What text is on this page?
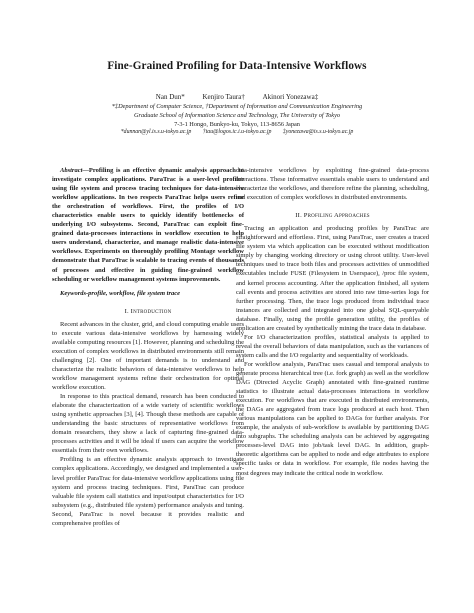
Fine-Grained Profiling for Data-Intensive Workflows
Nan Dun*	Kenjiro Taura†	Akinori Yonezawa‡
*‡Department of Computer Science, †Department of Information and Communication Engineering
Graduate School of Information Science and Technology, The University of Tokyo
7-3-1 Hongo, Bunkyo-ku, Tokyo, 113-8656 Japan
*dunnan@yl.is.s.u-tokyo.ac.jp †tau@logos.ic.i.u-tokyo.ac.jp ‡yonezawa@is.s.u-tokyo.ac.jp

Abstract—Profiling is an effective dynamic analysis approach to investigate complex applications. ParaTrac is a user-level profiler using file system and process tracing techniques for data-intensive workflow applications. In two respects ParaTrac helps users refine the orchestration of workflows. First, the profiles of I/O characteristics enable users to quickly identify bottlenecks of underlying I/O subsystems. Second, ParaTrac can exploit fine-grained data-processes interactions in workflow execution to help users understand, characterize, and manage realistic data-intensive workflows. Experiments on thoroughly profiling Montage workflow demonstrate that ParaTrac is scalable to tracing events of thousands of processes and effective in guiding fine-grained workflow scheduling or workflow management systems improvements.

Keywords-profile, workflow, file system trace

I. Introduction

Recent advances in the cluster, grid, and cloud computing enable users to execute various data-intensive workflows by harnessing widely available computing resources [1]. However, planning and scheduling the execution of complex workflows in distributed environments still remain challenging [2]. One of important demands is to understand and characterize the realistic behaviors of data-intensive workflows to help workflow management systems refine their orchestration for optimal workflow execution.

In response to this practical demand, research has been conducted to elaborate the characterization of a wide variety of scientific workflows using synthetic approaches [3], [4]. Though these methods are capable of understanding the basic structures of representative workflows from domain researchers, they show a lack of capturing fine-grained data-processes activities and it will be ideal if users can acquire the workflow essentials from their own workflows.

Profiling is an effective dynamic analysis approach to investigate complex applications. Accordingly, we designed and implemented a user-level profiler ParaTrac for data-intensive workflow applications using file system and process tracing techniques. First, ParaTrac can produce valuable file system call statistics and input/output characteristics for I/O subsystem (e.g., distributed file system) performance analysis and tuning. Second, ParaTrac is novel because it provides realistic and comprehensive profiles of

data-intensive workflows by exploiting fine-grained data-process interactions. These informative essentials enable users to understand and characterize the workflows, and therefore refine the planning, scheduling, and execution of complex workflows in distributed environments.

II. Profiling Approaches

Tracing an application and producing profiles by ParaTrac are straightforward and effortless. First, using ParaTrac, user creates a traced file system via which application can be executed without modification simply by changing working directory or using chroot utility. User-level techniques used to trace both files and processes activities of unmodified executables include FUSE (Filesystem in Userspace), /proc file system, and kernel process accounting. After the application finished, all system call events and process activities are stored into raw time-series logs for further processing. Then, the trace logs produced from individual trace instances are collected and integrated into one global SQL-queryable database. Finally, using the profile generation utility, the profiles of application are created by synthetically mining the trace data in database.

For I/O characterization profiles, statistical analysis is applied to reveal the overall behaviors of data manipulation, such as the variances of system calls and the I/O regularity and sequentiality of workloads.

For workflow analysis, ParaTrac uses casual and temporal analysis to generate process hierarchical tree (i.e. fork graph) as well as the workflow DAG (Directed Acyclic Graph) annotated with fine-grained runtime statistics to illustrate actual data-processes interactions in workflow execution. For workflows that are executed in distributed environments, the DAGs are aggregated from trace logs produced at each host. Then various manipulations can be applied to DAGs for further analysis. For example, the analysis of sub-workflow is available by partitioning DAG into subgraphs. The scheduling analysis can be achieved by aggregating processes-level DAG into job/task level DAG. In addition, graph-theoretic algorithms can be applied to node and edge attributes to explore specific tasks or data in workflow. For example, file nodes having the most degrees may indicate the critical node in workflow.
